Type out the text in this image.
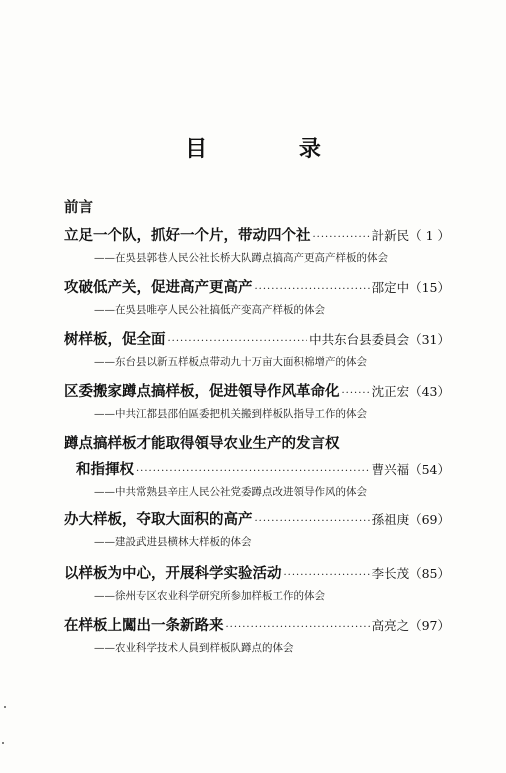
目 录
前言
立足一个队，抓好一个片，带动四个社 ·····	計新民（ 1 ）
——在吳县郭巷人民公社长桥大队蹲点搞高产更高产样板的体会
攻破低产关，促进高产更高产 ·····	邵定中（15）
——在吳县唯亭人民公社搞低产变高产样板的体会
树样板，促全面 ·····	中共东台县委員会（31）
——东台县以新五样板点带动九十万亩大面积棉增产的体会
区委搬家蹲点搞样板，促进領导作风革命化 ·····	沈正宏（43）
——中共江都县邵伯區委把机关搬到样板队指导工作的体会
蹲点搞样板才能取得領导农业生产的发言权
和指揮权 ·····	曹兴福（54）
——中共常熟县辛庄人民公社党委蹲点改进領导作风的体会
办大样板，夺取大面积的高产 ·····	孫祖庚（69）
——建設武进县横林大样板的体会
以样板为中心，开展科学实验活动 ·····	李长茂（85）
——徐州专区农业科学研究所参加样板工作的体会
在样板上闖出一条新路来 ·····	高亮之（97）
——农业科学技术人員到样板队蹲点的体会
